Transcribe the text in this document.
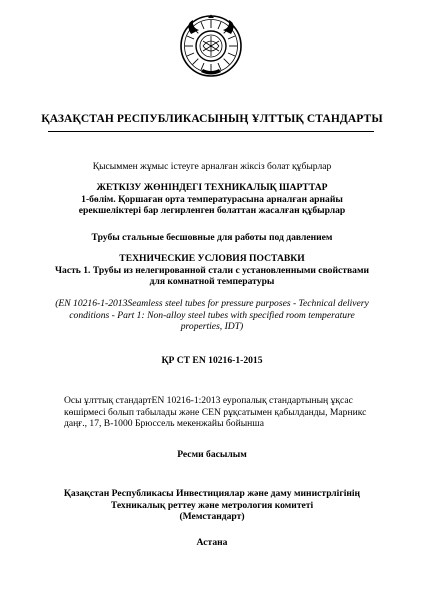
ҚАЗАҚСТАН РЕСПУБЛИКАСЫНЫҢ ҰЛТТЫҚ СТАНДАРТЫ
Қысыммен жұмыс істеуге арналған жіксіз болат құбырлар
ЖЕТКІЗУ ЖӨНІНДЕГІ ТЕХНИКАЛЫҚ ШАРТТАР
1-бөлім. Қоршаған орта температурасына арналған арнайы
ерекшеліктері бар легирленген болаттан жасалған құбырлар
Трубы стальные бесшовные для работы под давлением
ТЕХНИЧЕСКИЕ УСЛОВИЯ ПОСТАВКИ
Часть 1. Трубы из нелегированной стали с установленными свойствами
для комнатной температуры
(EN 10216-1-2013Seamless steel tubes for pressure purposes - Technical delivery
conditions - Part 1: Non-alloy steel tubes with specified room temperature
properties, IDT)
ҚР СТ EN 10216-1-2015
Осы ұлттық стандартEN 10216-1:2013 еуропалық стандартының ұқсас
көшірмесі болып табылады және CEN рұқсатымен қабылданды, Марникс
даңғ., 17, B-1000 Брюссель мекенжайы бойынша
Ресми басылым
Қазақстан Республикасы Инвестициялар және даму министрлігінің
Техникалық реттеу және метрология комитеті
(Мемстандарт)
Астана
